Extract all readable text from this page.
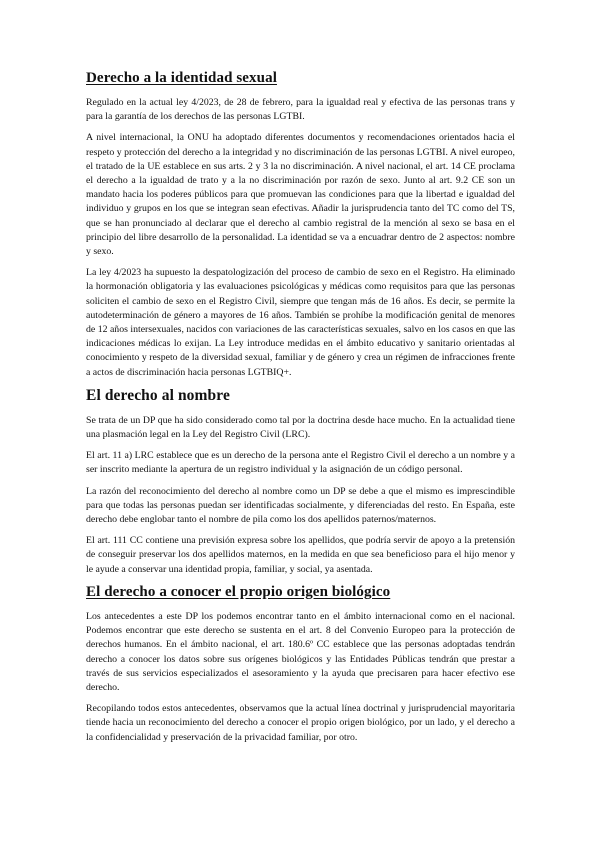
Derecho a la identidad sexual

Regulado en la actual ley 4/2023, de 28 de febrero, para la igualdad real y efectiva de las personas trans y para la garantía de los derechos de las personas LGTBI.

A nivel internacional, la ONU ha adoptado diferentes documentos y recomendaciones orientados hacia el respeto y protección del derecho a la integridad y no discriminación de las personas LGTBI. A nivel europeo, el tratado de la UE establece en sus arts. 2 y 3 la no discriminación. A nivel nacional, el art. 14 CE proclama el derecho a la igualdad de trato y a la no discriminación por razón de sexo. Junto al art. 9.2 CE son un mandato hacia los poderes públicos para que promuevan las condiciones para que la libertad e igualdad del individuo y grupos en los que se integran sean efectivas. Añadir la jurisprudencia tanto del TC como del TS, que se han pronunciado al declarar que el derecho al cambio registral de la mención al sexo se basa en el principio del libre desarrollo de la personalidad. La identidad se va a encuadrar dentro de 2 aspectos: nombre y sexo.

La ley 4/2023 ha supuesto la despatologización del proceso de cambio de sexo en el Registro. Ha eliminado la hormonación obligatoria y las evaluaciones psicológicas y médicas como requisitos para que las personas soliciten el cambio de sexo en el Registro Civil, siempre que tengan más de 16 años. Es decir, se permite la autodeterminación de género a mayores de 16 años. También se prohíbe la modificación genital de menores de 12 años intersexuales, nacidos con variaciones de las características sexuales, salvo en los casos en que las indicaciones médicas lo exijan. La Ley introduce medidas en el ámbito educativo y sanitario orientadas al conocimiento y respeto de la diversidad sexual, familiar y de género y crea un régimen de infracciones frente a actos de discriminación hacia personas LGTBIQ+.

El derecho al nombre

Se trata de un DP que ha sido considerado como tal por la doctrina desde hace mucho. En la actualidad tiene una plasmación legal en la Ley del Registro Civil (LRC).

El art. 11 a) LRC establece que es un derecho de la persona ante el Registro Civil el derecho a un nombre y a ser inscrito mediante la apertura de un registro individual y la asignación de un código personal.

La razón del reconocimiento del derecho al nombre como un DP se debe a que el mismo es imprescindible para que todas las personas puedan ser identificadas socialmente, y diferenciadas del resto. En España, este derecho debe englobar tanto el nombre de pila como los dos apellidos paternos/maternos.

El art. 111 CC contiene una previsión expresa sobre los apellidos, que podría servir de apoyo a la pretensión de conseguir preservar los dos apellidos maternos, en la medida en que sea beneficioso para el hijo menor y le ayude a conservar una identidad propia, familiar, y social, ya asentada.

El derecho a conocer el propio origen biológico

Los antecedentes a este DP los podemos encontrar tanto en el ámbito internacional como en el nacional. Podemos encontrar que este derecho se sustenta en el art. 8 del Convenio Europeo para la protección de derechos humanos. En el ámbito nacional, el art. 180.6º CC establece que las personas adoptadas tendrán derecho a conocer los datos sobre sus orígenes biológicos y las Entidades Públicas tendrán que prestar a través de sus servicios especializados el asesoramiento y la ayuda que precisaren para hacer efectivo ese derecho.

Recopilando todos estos antecedentes, observamos que la actual línea doctrinal y jurisprudencial mayoritaria tiende hacia un reconocimiento del derecho a conocer el propio origen biológico, por un lado, y el derecho a la confidencialidad y preservación de la privacidad familiar, por otro.
